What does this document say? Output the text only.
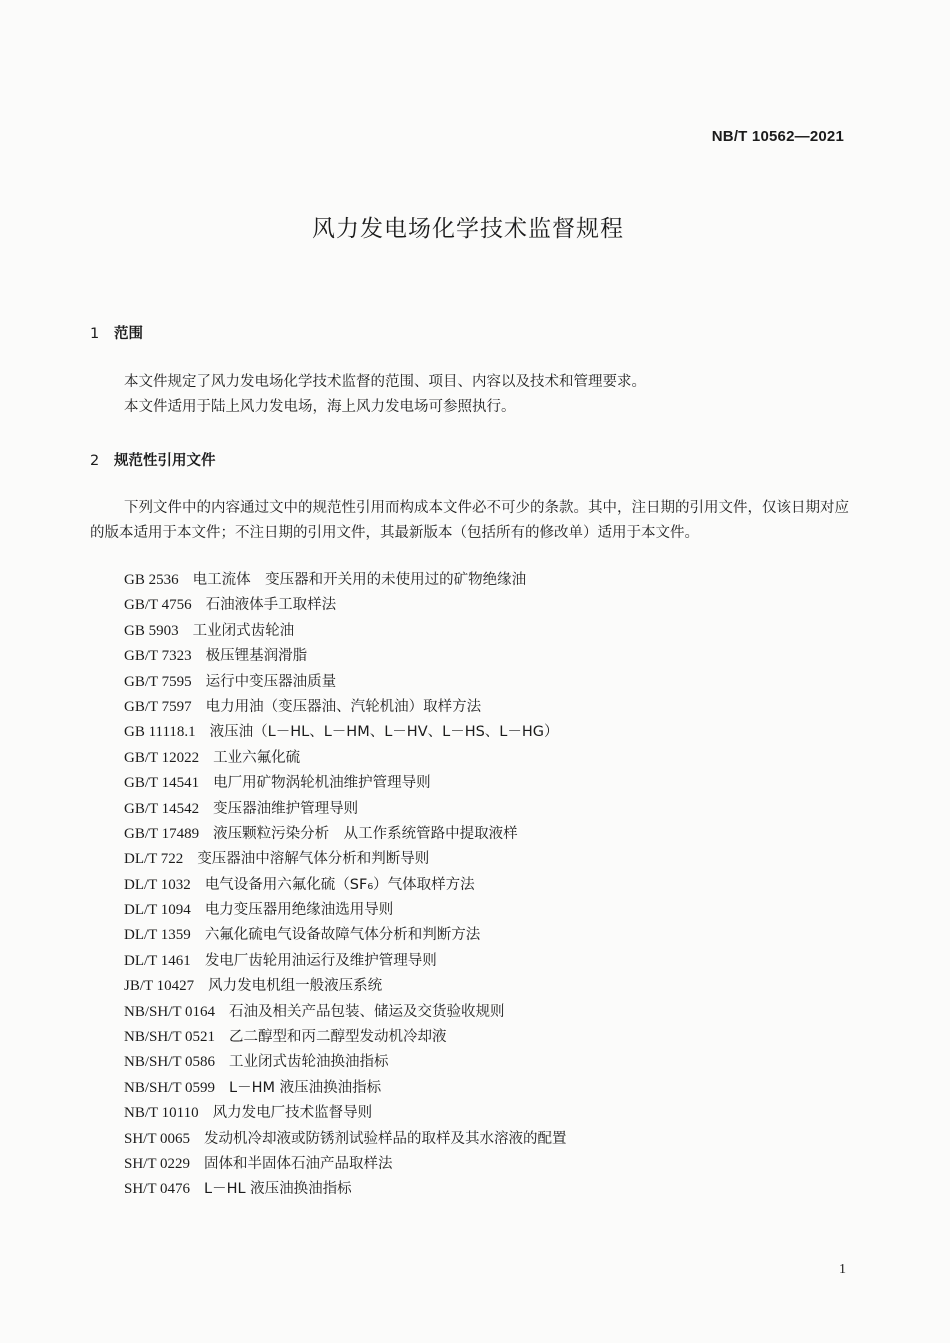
NB/T 10562—2021
风力发电场化学技术监督规程
1 范围

本文件规定了风力发电场化学技术监督的范围、项目、内容以及技术和管理要求。

本文件适用于陆上风力发电场，海上风力发电场可参照执行。

2 规范性引用文件

下列文件中的内容通过文中的规范性引用而构成本文件必不可少的条款。其中，注日期的引用文件，仅该日期对应的版本适用于本文件；不注日期的引用文件，其最新版本（包括所有的修改单）适用于本文件。

GB 2536 电工流体　变压器和开关用的未使用过的矿物绝缘油
GB/T 4756 石油液体手工取样法
GB 5903 工业闭式齿轮油
GB/T 7323 极压锂基润滑脂
GB/T 7595 运行中变压器油质量
GB/T 7597 电力用油（变压器油、汽轮机油）取样方法
GB 11118.1 液压油（L－HL、L－HM、L－HV、L－HS、L－HG）
GB/T 12022 工业六氟化硫
GB/T 14541 电厂用矿物涡轮机油维护管理导则
GB/T 14542 变压器油维护管理导则
GB/T 17489 液压颗粒污染分析　从工作系统管路中提取液样
DL/T 722 变压器油中溶解气体分析和判断导则
DL/T 1032 电气设备用六氟化硫（SF₆）气体取样方法
DL/T 1094 电力变压器用绝缘油选用导则
DL/T 1359 六氟化硫电气设备故障气体分析和判断方法
DL/T 1461 发电厂齿轮用油运行及维护管理导则
JB/T 10427 风力发电机组一般液压系统
NB/SH/T 0164 石油及相关产品包装、储运及交货验收规则
NB/SH/T 0521 乙二醇型和丙二醇型发动机冷却液
NB/SH/T 0586 工业闭式齿轮油换油指标
NB/SH/T 0599 L－HM 液压油换油指标
NB/T 10110 风力发电厂技术监督导则
SH/T 0065 发动机冷却液或防锈剂试验样品的取样及其水溶液的配置
SH/T 0229 固体和半固体石油产品取样法
SH/T 0476 L－HL 液压油换油指标
1
